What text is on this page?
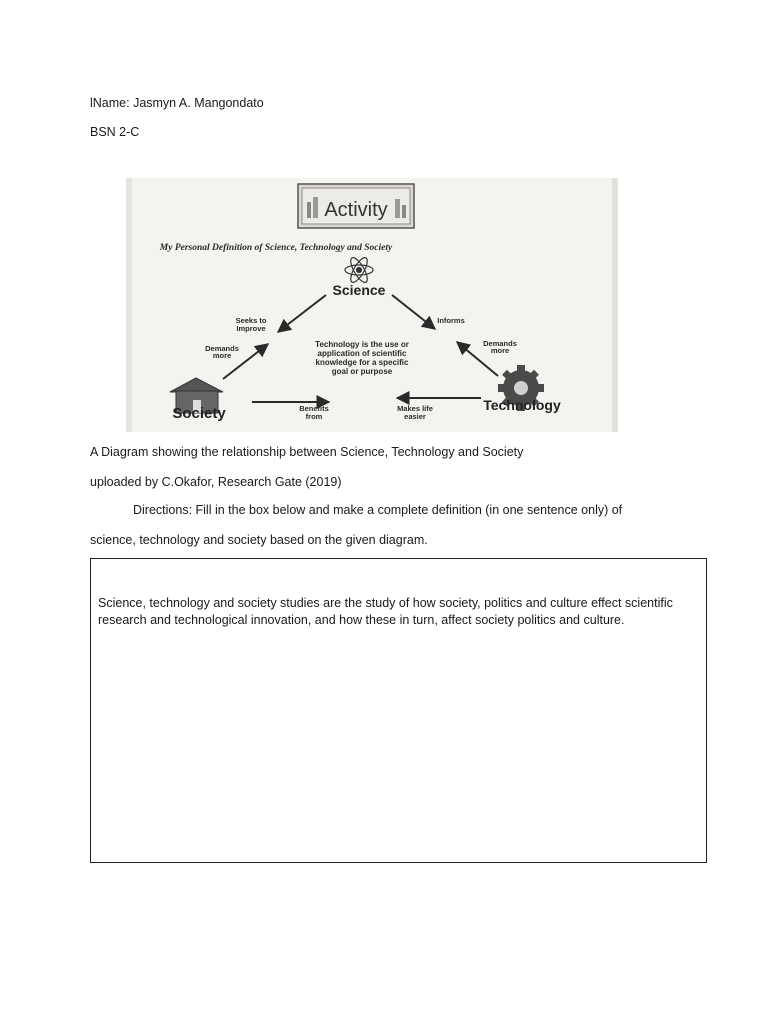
lName: Jasmyn A. Mangondato
BSN 2-C
Activity
My Personal Definition of Science, Technology and Society
Science
Seeks to
Improve
Informs
Demands
more
Demands
more
Benefits
from
Makes life
easier
Technology is the use or
application of scientific
knowledge for a specific
goal or purpose
Society	Technology
A Diagram showing the relationship between Science, Technology and Society
uploaded by C.Okafor, Research Gate (2019)
Directions: Fill in the box below and make a complete definition (in one sentence only) of
science, technology and society based on the given diagram.
Science, technology and society studies are the study of how society, politics and culture effect scientific
research and technological innovation, and how these in turn, affect society politics and culture.
